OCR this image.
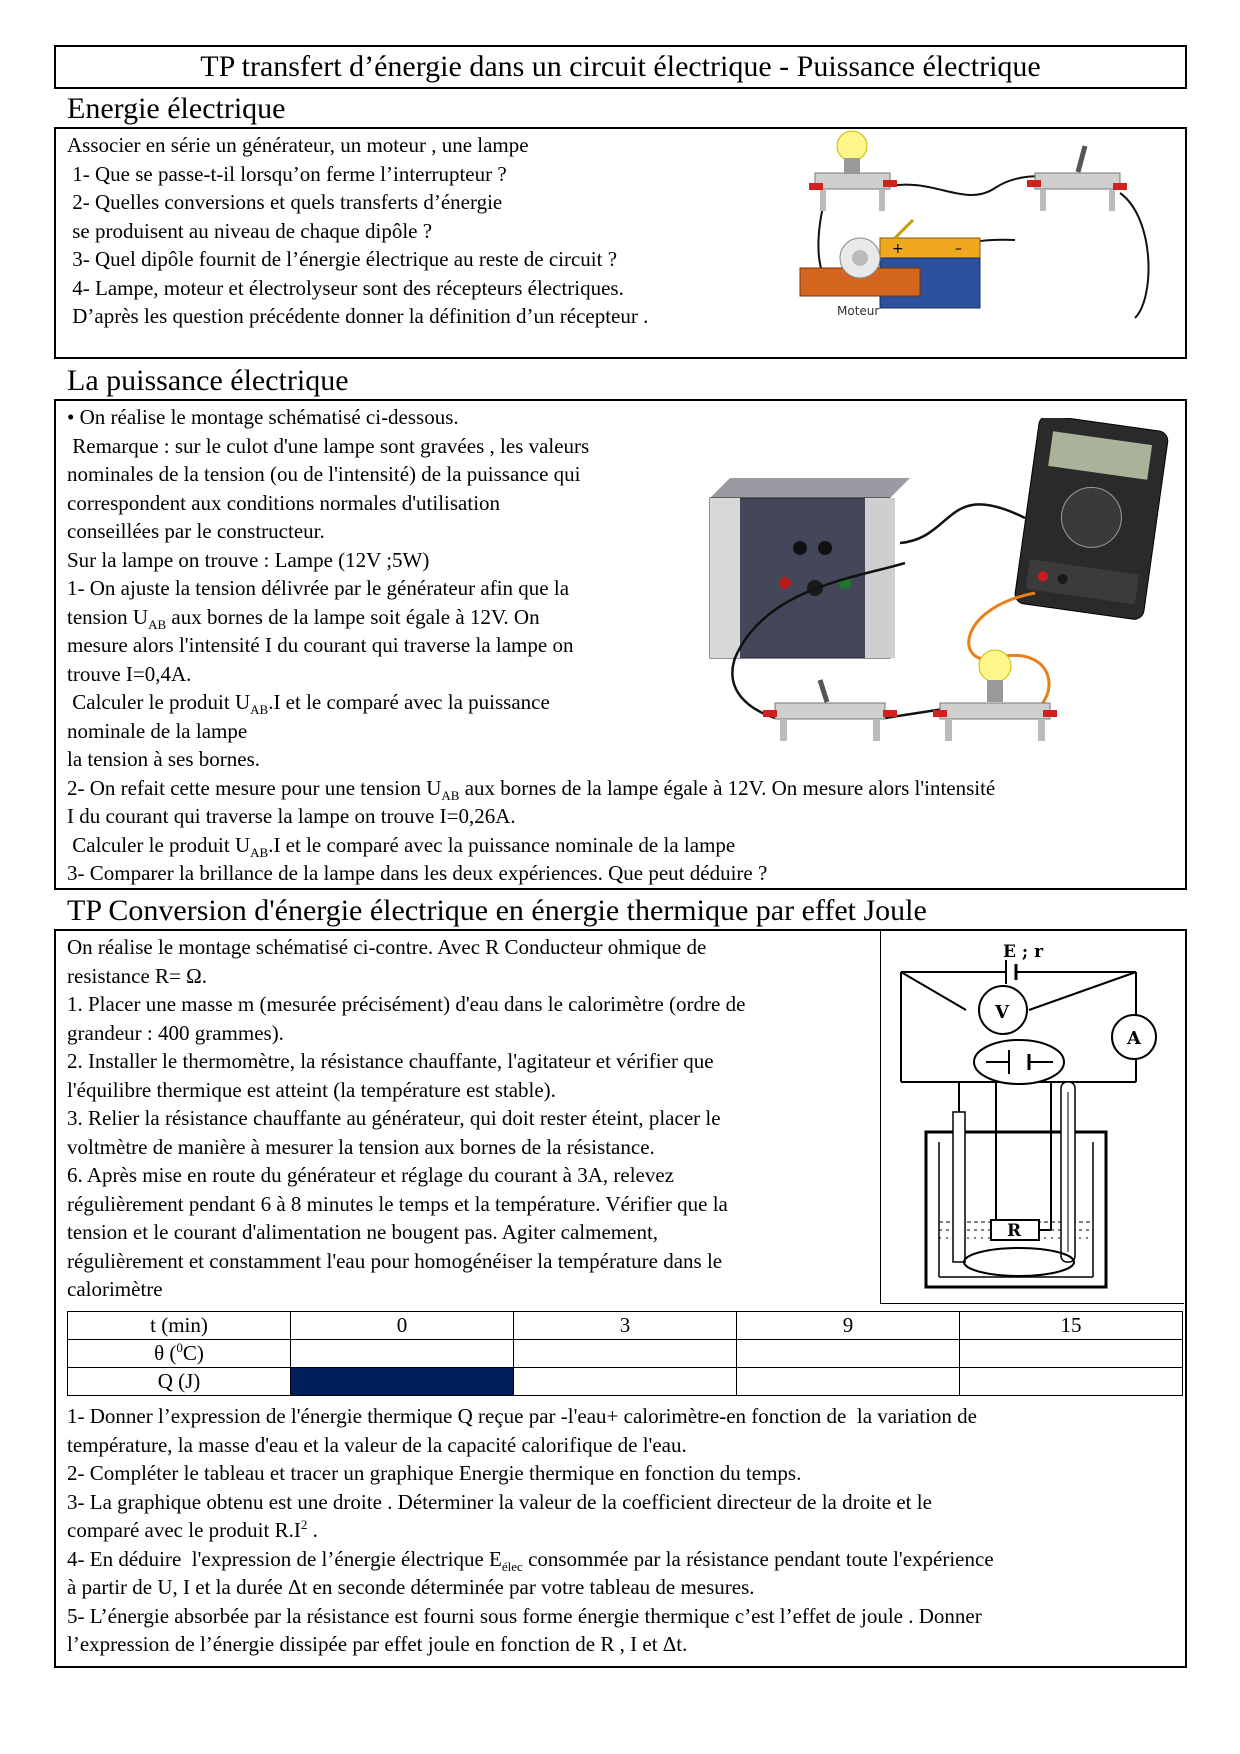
TP transfert d’énergie dans un circuit électrique - Puissance électrique
Energie électrique
Associer en série un générateur, un moteur , une lampe
1- Que se passe-t-il lorsqu’on ferme l’interrupteur ?
2- Quelles conversions et quels transferts d’énergie
se produisent au niveau de chaque dipôle ?
3- Quel dipôle fournit de l’énergie électrique au reste de circuit ?
4- Lampe, moteur et électrolyseur sont des récepteurs électriques.
D’après les question précédente donner la définition d’un récepteur .
+	–
Moteur
La puissance électrique
• On réalise le montage schématisé ci-dessous.
Remarque : sur le culot d'une lampe sont gravées , les valeurs
nominales de la tension (ou de l'intensité) de la puissance qui
correspondent aux conditions normales d'utilisation
conseillées par le constructeur.
Sur la lampe on trouve : Lampe (12V ;5W)
1- On ajuste la tension délivrée par le générateur afin que la
tension $U_{AB}$ aux bornes de la lampe soit égale à 12V. On
mesure alors l'intensité I du courant qui traverse la lampe on
trouve I=0,4A.
Calculer le produit $U_{AB}.I$ et le comparé avec la puissance
nominale de la lampe
la tension à ses bornes.
2- On refait cette mesure pour une tension $U_{AB}$ aux bornes de la lampe égale à 12V. On mesure alors l'intensité
I du courant qui traverse la lampe on trouve I=0,26A.
Calculer le produit $U_{AB}.I$ et le comparé avec la puissance nominale de la lampe
3- Comparer la brillance de la lampe dans les deux expériences. Que peut déduire ?
TP Conversion d'énergie électrique en énergie thermique par effet Joule
On réalise le montage schématisé ci-contre. Avec R Conducteur ohmique de
resistance R= Ω.
1. Placer une masse m (mesurée précisément) d'eau dans le calorimètre (ordre de
grandeur : 400 grammes).
2. Installer le thermomètre, la résistance chauffante, l'agitateur et vérifier que
l'équilibre thermique est atteint (la température est stable).
3. Relier la résistance chauffante au générateur, qui doit rester éteint, placer le
voltmètre de manière à mesurer la tension aux bornes de la résistance.
6. Après mise en route du générateur et réglage du courant à 3A, relevez
régulièrement pendant 6 à 8 minutes le temps et la température. Vérifier que la
tension et le courant d'alimentation ne bougent pas. Agiter calmement,
régulièrement et constamment l'eau pour homogénéiser la température dans le
calorimètre
E ; r
V
A
R
t (min)	0	3	9	15
θ ($^0$C)				
Q (J)				
1- Donner l’expression de l'énergie thermique Q reçue par -l'eau+ calorimètre-en fonction de  la variation de
température, la masse d'eau et la valeur de la capacité calorifique de l'eau.
2- Compléter le tableau et tracer un graphique Energie thermique en fonction du temps.
3- La graphique obtenu est une droite . Déterminer la valeur de la coefficient directeur de la droite et le
comparé avec le produit $R.I^2$ .
4- En déduire  l'expression de l’énergie électrique $E_{élec}$ consommée par la résistance pendant toute l'expérience
à partir de U, I et la durée Δt en seconde déterminée par votre tableau de mesures.
5- L’énergie absorbée par la résistance est fourni sous forme énergie thermique c’est l’effet de joule . Donner
l’expression de l’énergie dissipée par effet joule en fonction de R , I et Δt.
